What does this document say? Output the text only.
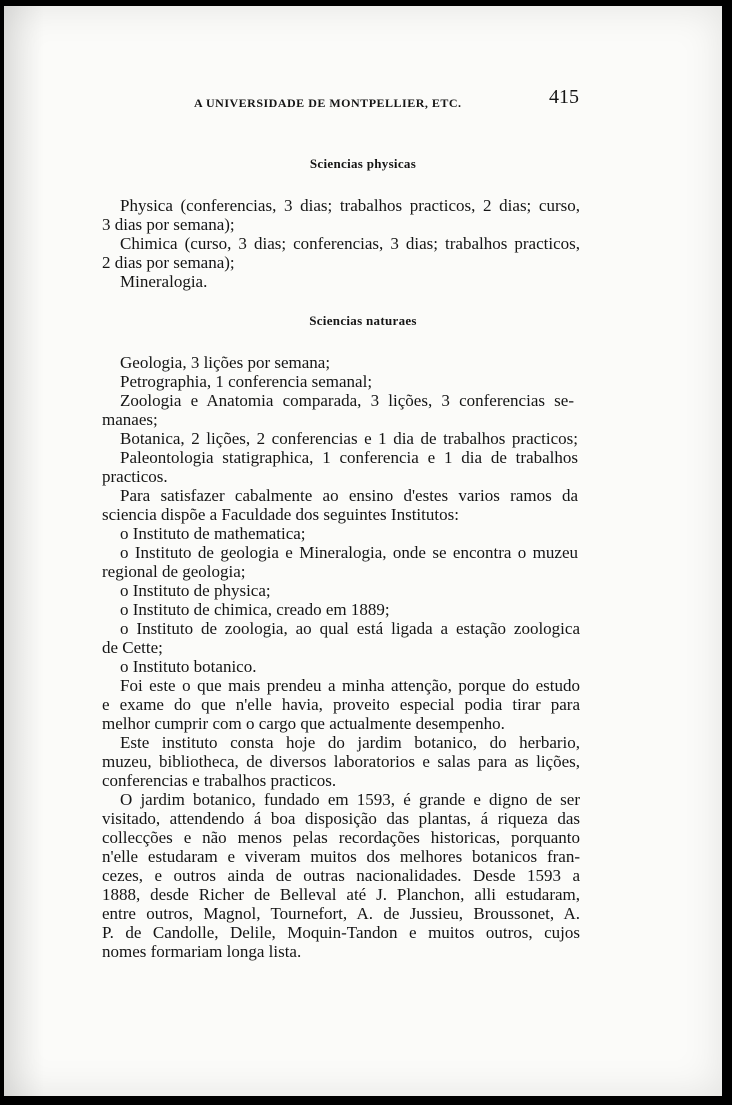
A UNIVERSIDADE DE MONTPELLIER, ETC.	415
Sciencias physicas
Physica (conferencias, 3 dias; trabalhos practicos, 2 dias; curso,
3 dias por semana);
Chimica (curso, 3 dias; conferencias, 3 dias; trabalhos practicos,
2 dias por semana);
Mineralogia.
Sciencias naturaes
Geologia, 3 lições por semana;
Petrographia, 1 conferencia semanal;
Zoologia e Anatomia comparada, 3 lições, 3 conferencias se-
manaes;
Botanica, 2 lições, 2 conferencias e 1 dia de trabalhos practicos;
Paleontologia statigraphica, 1 conferencia e 1 dia de trabalhos
practicos.
Para satisfazer cabalmente ao ensino d'estes varios ramos da
sciencia dispõe a Faculdade dos seguintes Institutos:
o Instituto de mathematica;
o Instituto de geologia e Mineralogia, onde se encontra o muzeu
regional de geologia;
o Instituto de physica;
o Instituto de chimica, creado em 1889;
o Instituto de zoologia, ao qual está ligada a estação zoologica
de Cette;
o Instituto botanico.
Foi este o que mais prendeu a minha attenção, porque do estudo
e exame do que n'elle havia, proveito especial podia tirar para
melhor cumprir com o cargo que actualmente desempenho.
Este instituto consta hoje do jardim botanico, do herbario,
muzeu, bibliotheca, de diversos laboratorios e salas para as lições,
conferencias e trabalhos practicos.
O jardim botanico, fundado em 1593, é grande e digno de ser
visitado, attendendo á boa disposição das plantas, á riqueza das
collecções e não menos pelas recordações historicas, porquanto
n'elle estudaram e viveram muitos dos melhores botanicos fran-
cezes, e outros ainda de outras nacionalidades. Desde 1593 a
1888, desde Richer de Belleval até J. Planchon, alli estudaram,
entre outros, Magnol, Tournefort, A. de Jussieu, Broussonet, A.
P. de Candolle, Delile, Moquin-Tandon e muitos outros, cujos
nomes formariam longa lista.
